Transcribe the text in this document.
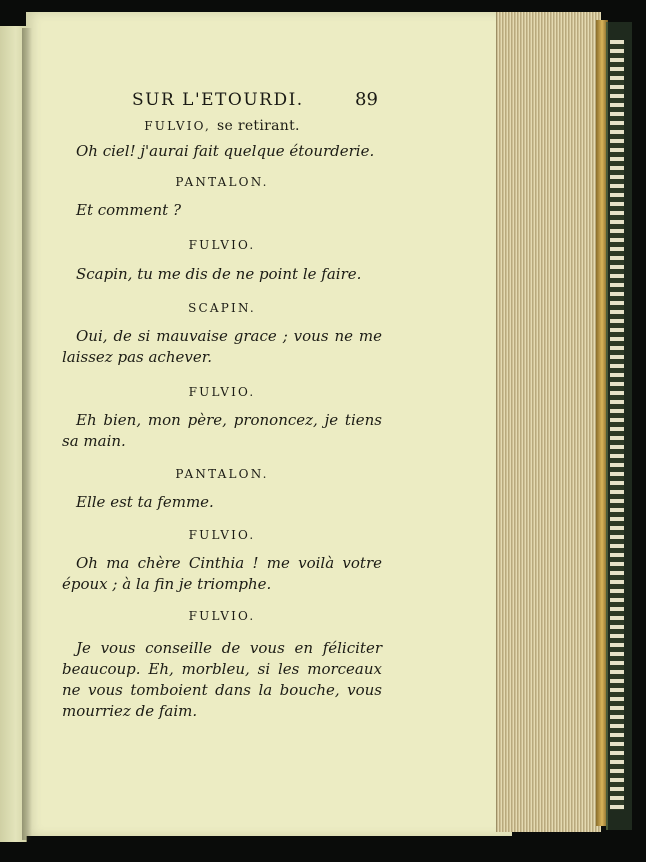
SUR L'ETOURDI.	89

FULVIO, se retirant.

Oh ciel! j'aurai fait quelque étourderie.

PANTALON.

Et comment ?

FULVIO.

Scapin, tu me dis de ne point le faire.

SCAPIN.

Oui, de si mauvaise grace ; vous ne me laissez pas achever.

FULVIO.

Eh bien, mon père, prononcez, je tiens sa main.

PANTALON.

Elle est ta femme.

FULVIO.

Oh ma chère Cinthia ! me voilà votre époux ; à la fin je triomphe.

FULVIO.

Je vous conseille de vous en féliciter beaucoup. Eh, morbleu, si les morceaux ne vous tomboient dans la bouche, vous mourriez de faim.
